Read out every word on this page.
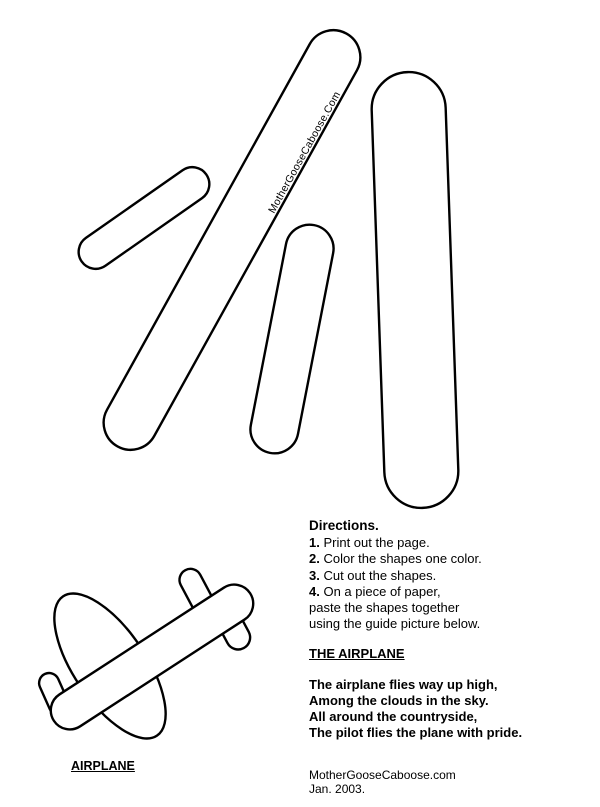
MotherGooseCaboose.Com
Directions.
1. Print out the page.
2. Color the shapes one color.
3. Cut out the shapes.
4. On a piece of paper,
paste the shapes together
using the guide picture below.
THE AIRPLANE
The airplane flies way up high,
Among the clouds in the sky.
All around the countryside,
The pilot flies the plane with pride.
AIRPLANE
MotherGooseCaboose.com
Jan. 2003.
